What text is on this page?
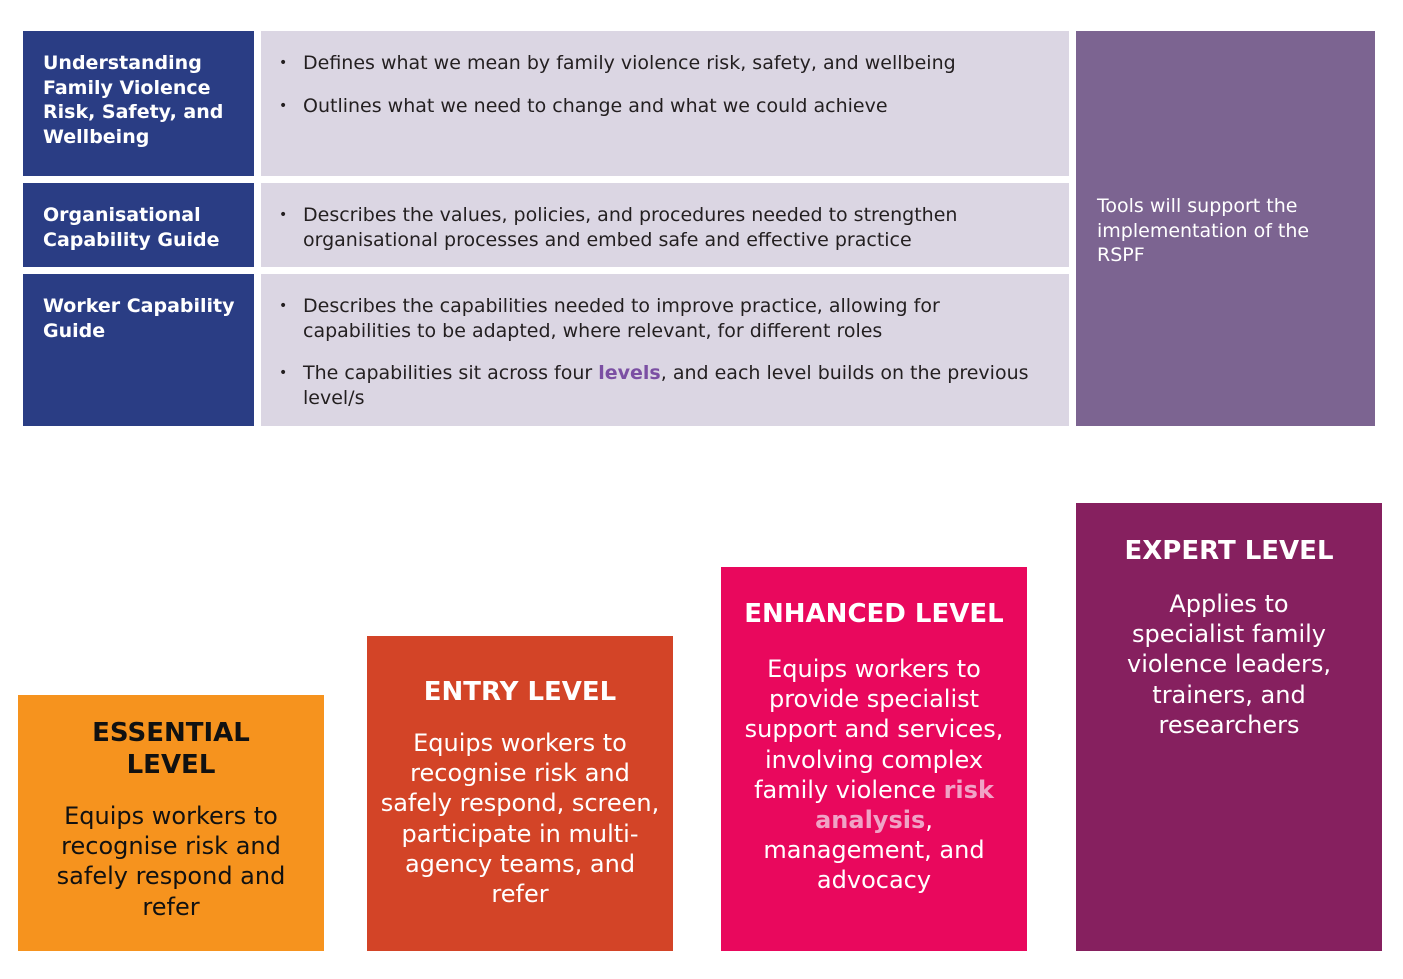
Understanding Family Violence Risk, Safety, and Wellbeing
• Defines what we mean by family violence risk, safety, and wellbeing
• Outlines what we need to change and what we could achieve
Organisational Capability Guide
• Describes the values, policies, and procedures needed to strengthen organisational processes and embed safe and effective practice
Worker Capability Guide
• Describes the capabilities needed to improve practice, allowing for capabilities to be adapted, where relevant, for different roles
• The capabilities sit across four levels, and each level builds on the previous level/s
Tools will support the implementation of the RSPF
ESSENTIAL LEVEL

Equips workers to recognise risk and safely respond and refer

ENTRY LEVEL

Equips workers to recognise risk and safely respond, screen, participate in multi-agency teams, and refer

ENHANCED LEVEL

Equips workers to provide specialist support and services, involving complex family violence risk analysis, management, and advocacy

EXPERT LEVEL

Applies to specialist family violence leaders, trainers, and researchers
